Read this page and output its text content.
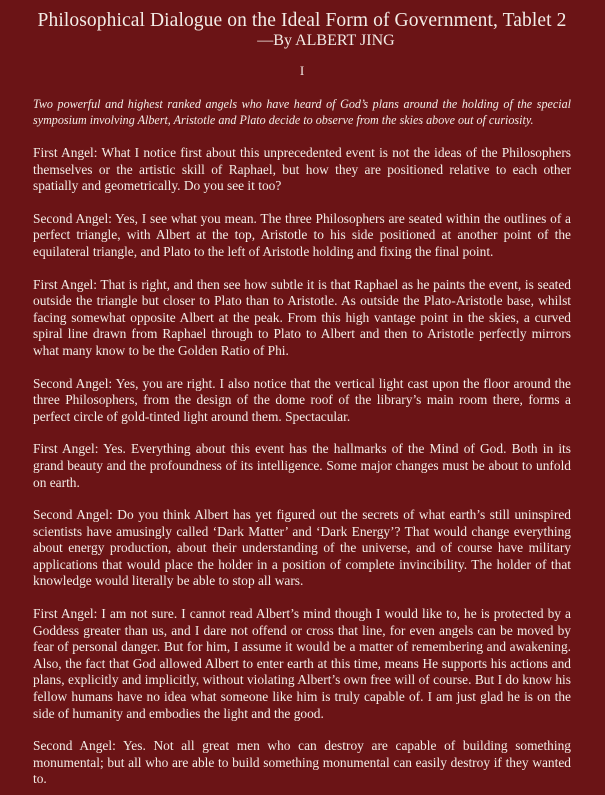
Philosophical Dialogue on the Ideal Form of Government, Tablet 2
—By ALBERT JING
I

Two powerful and highest ranked angels who have heard of God’s plans around the holding of the special symposium involving Albert, Aristotle and Plato decide to observe from the skies above out of curiosity.

First Angel: What I notice first about this unprecedented event is not the ideas of the Philosophers themselves or the artistic skill of Raphael, but how they are positioned relative to each other spatially and geometrically. Do you see it too?

Second Angel: Yes, I see what you mean. The three Philosophers are seated within the outlines of a perfect triangle, with Albert at the top, Aristotle to his side positioned at another point of the equilateral triangle, and Plato to the left of Aristotle holding and fixing the final point.

First Angel: That is right, and then see how subtle it is that Raphael as he paints the event, is seated outside the triangle but closer to Plato than to Aristotle. As outside the Plato-Aristotle base, whilst facing somewhat opposite Albert at the peak. From this high vantage point in the skies, a curved spiral line drawn from Raphael through to Plato to Albert and then to Aristotle perfectly mirrors what many know to be the Golden Ratio of Phi.

Second Angel: Yes, you are right. I also notice that the vertical light cast upon the floor around the three Philosophers, from the design of the dome roof of the library’s main room there, forms a perfect circle of gold-tinted light around them. Spectacular.

First Angel: Yes. Everything about this event has the hallmarks of the Mind of God. Both in its grand beauty and the profoundness of its intelligence. Some major changes must be about to unfold on earth.

Second Angel: Do you think Albert has yet figured out the secrets of what earth’s still uninspired scientists have amusingly called ‘Dark Matter’ and ‘Dark Energy’? That would change everything about energy production, about their understanding of the universe, and of course have military applications that would place the holder in a position of complete invincibility. The holder of that knowledge would literally be able to stop all wars.

First Angel: I am not sure. I cannot read Albert’s mind though I would like to, he is protected by a Goddess greater than us, and I dare not offend or cross that line, for even angels can be moved by fear of personal danger. But for him, I assume it would be a matter of remembering and awakening. Also, the fact that God allowed Albert to enter earth at this time, means He supports his actions and plans, explicitly and implicitly, without violating Albert’s own free will of course. But I do know his fellow humans have no idea what someone like him is truly capable of. I am just glad he is on the side of humanity and embodies the light and the good.

Second Angel: Yes. Not all great men who can destroy are capable of building something monumental; but all who are able to build something monumental can easily destroy if they wanted to.
